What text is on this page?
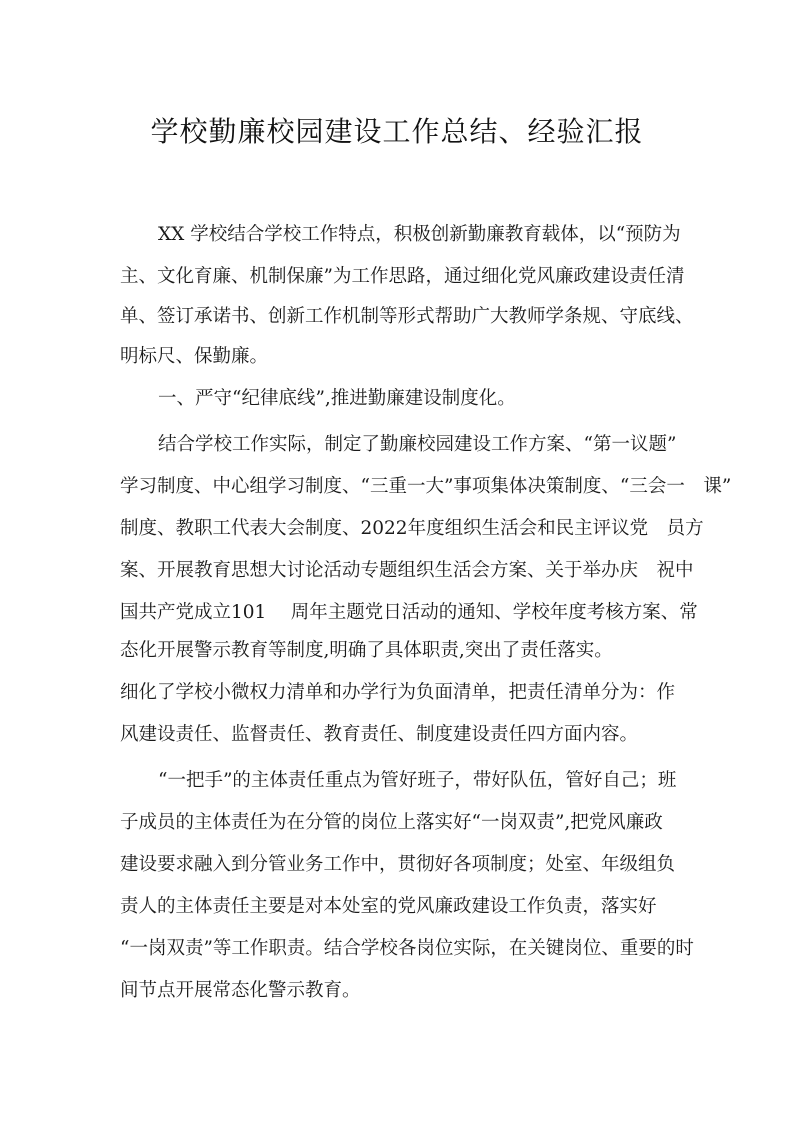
学校勤廉校园建设工作总结、经验汇报
XX 学校结合学校工作特点，积极创新勤廉教育载体，以“预防为
主、文化育廉、机制保廉”为工作思路，通过细化党风廉政建设责任清
单、签订承诺书、创新工作机制等形式帮助广大教师学条规、守底线、
明标尺、保勤廉。
一、严守“纪律底线”,推进勤廉建设制度化。
结合学校工作实际，制定了勤廉校园建设工作方案、“第一议题”
学习制度、中心组学习制度、“三重一大”事项集体决策制度、“三会一　课”
制度、教职工代表大会制度、2022年度组织生活会和民主评议党　员方
案、开展教育思想大讨论活动专题组织生活会方案、关于举办庆　祝中
国共产党成立101　 周年主题党日活动的通知、学校年度考核方案、常
态化开展警示教育等制度,明确了具体职责,突出了责任落实。
细化了学校小微权力清单和办学行为负面清单，把责任清单分为：作
风建设责任、监督责任、教育责任、制度建设责任四方面内容。
“一把手”的主体责任重点为管好班子，带好队伍，管好自己；班
子成员的主体责任为在分管的岗位上落实好“一岗双责”,把党风廉政
建设要求融入到分管业务工作中，贯彻好各项制度；处室、年级组负
责人的主体责任主要是对本处室的党风廉政建设工作负责，落实好
“一岗双责”等工作职责。结合学校各岗位实际，在关键岗位、重要的时
间节点开展常态化警示教育。
